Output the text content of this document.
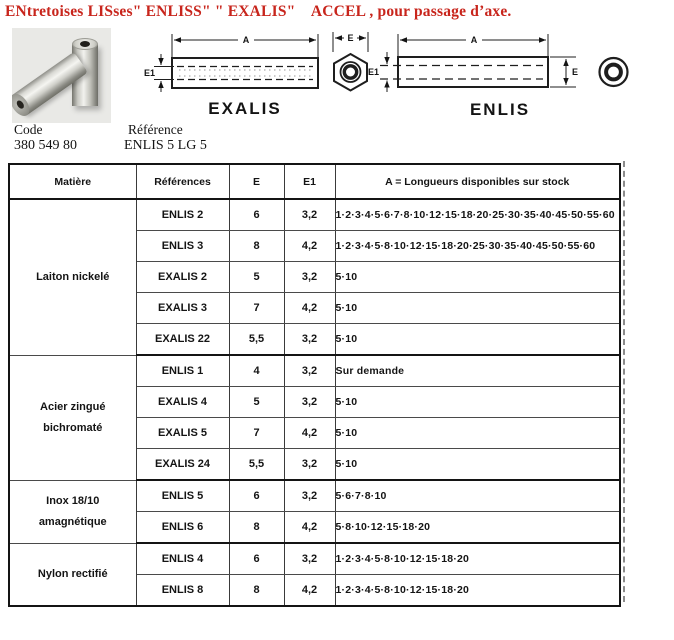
ENtretoises LISses" ENLISS" " EXALIS"    ACCEL , pour passage d’axe.
A
E1
EXALIS
E	A
E1	E
ENLIS
Code	Référence
380 549 80	ENLIS 5 LG 5
Matière	Références	E	E1	A = Longueurs disponibles sur stock

Laiton nickelé	ENLIS 2	6	3,2	1·2·3·4·5·6·7·8·10·12·15·18·20·25·30·35·40·45·50·55·60
	ENLIS 3	8	4,2	1·2·3·4·5·8·10·12·15·18·20·25·30·35·40·45·50·55·60
	EXALIS 2	5	3,2	5·10
	EXALIS 3	7	4,2	5·10
	EXALIS 22	5,5	3,2	5·10

Acier zingué
bichromaté	ENLIS 1	4	3,2	Sur demande
	EXALIS 4	5	3,2	5·10
	EXALIS 5	7	4,2	5·10
	EXALIS 24	5,5	3,2	5·10

Inox 18/10
amagnétique	ENLIS 5	6	3,2	5·6·7·8·10
	ENLIS 6	8	4,2	5·8·10·12·15·18·20

Nylon rectifié	ENLIS 4	6	3,2	1·2·3·4·5·8·10·12·15·18·20
	ENLIS 8	8	4,2	1·2·3·4·5·8·10·12·15·18·20
